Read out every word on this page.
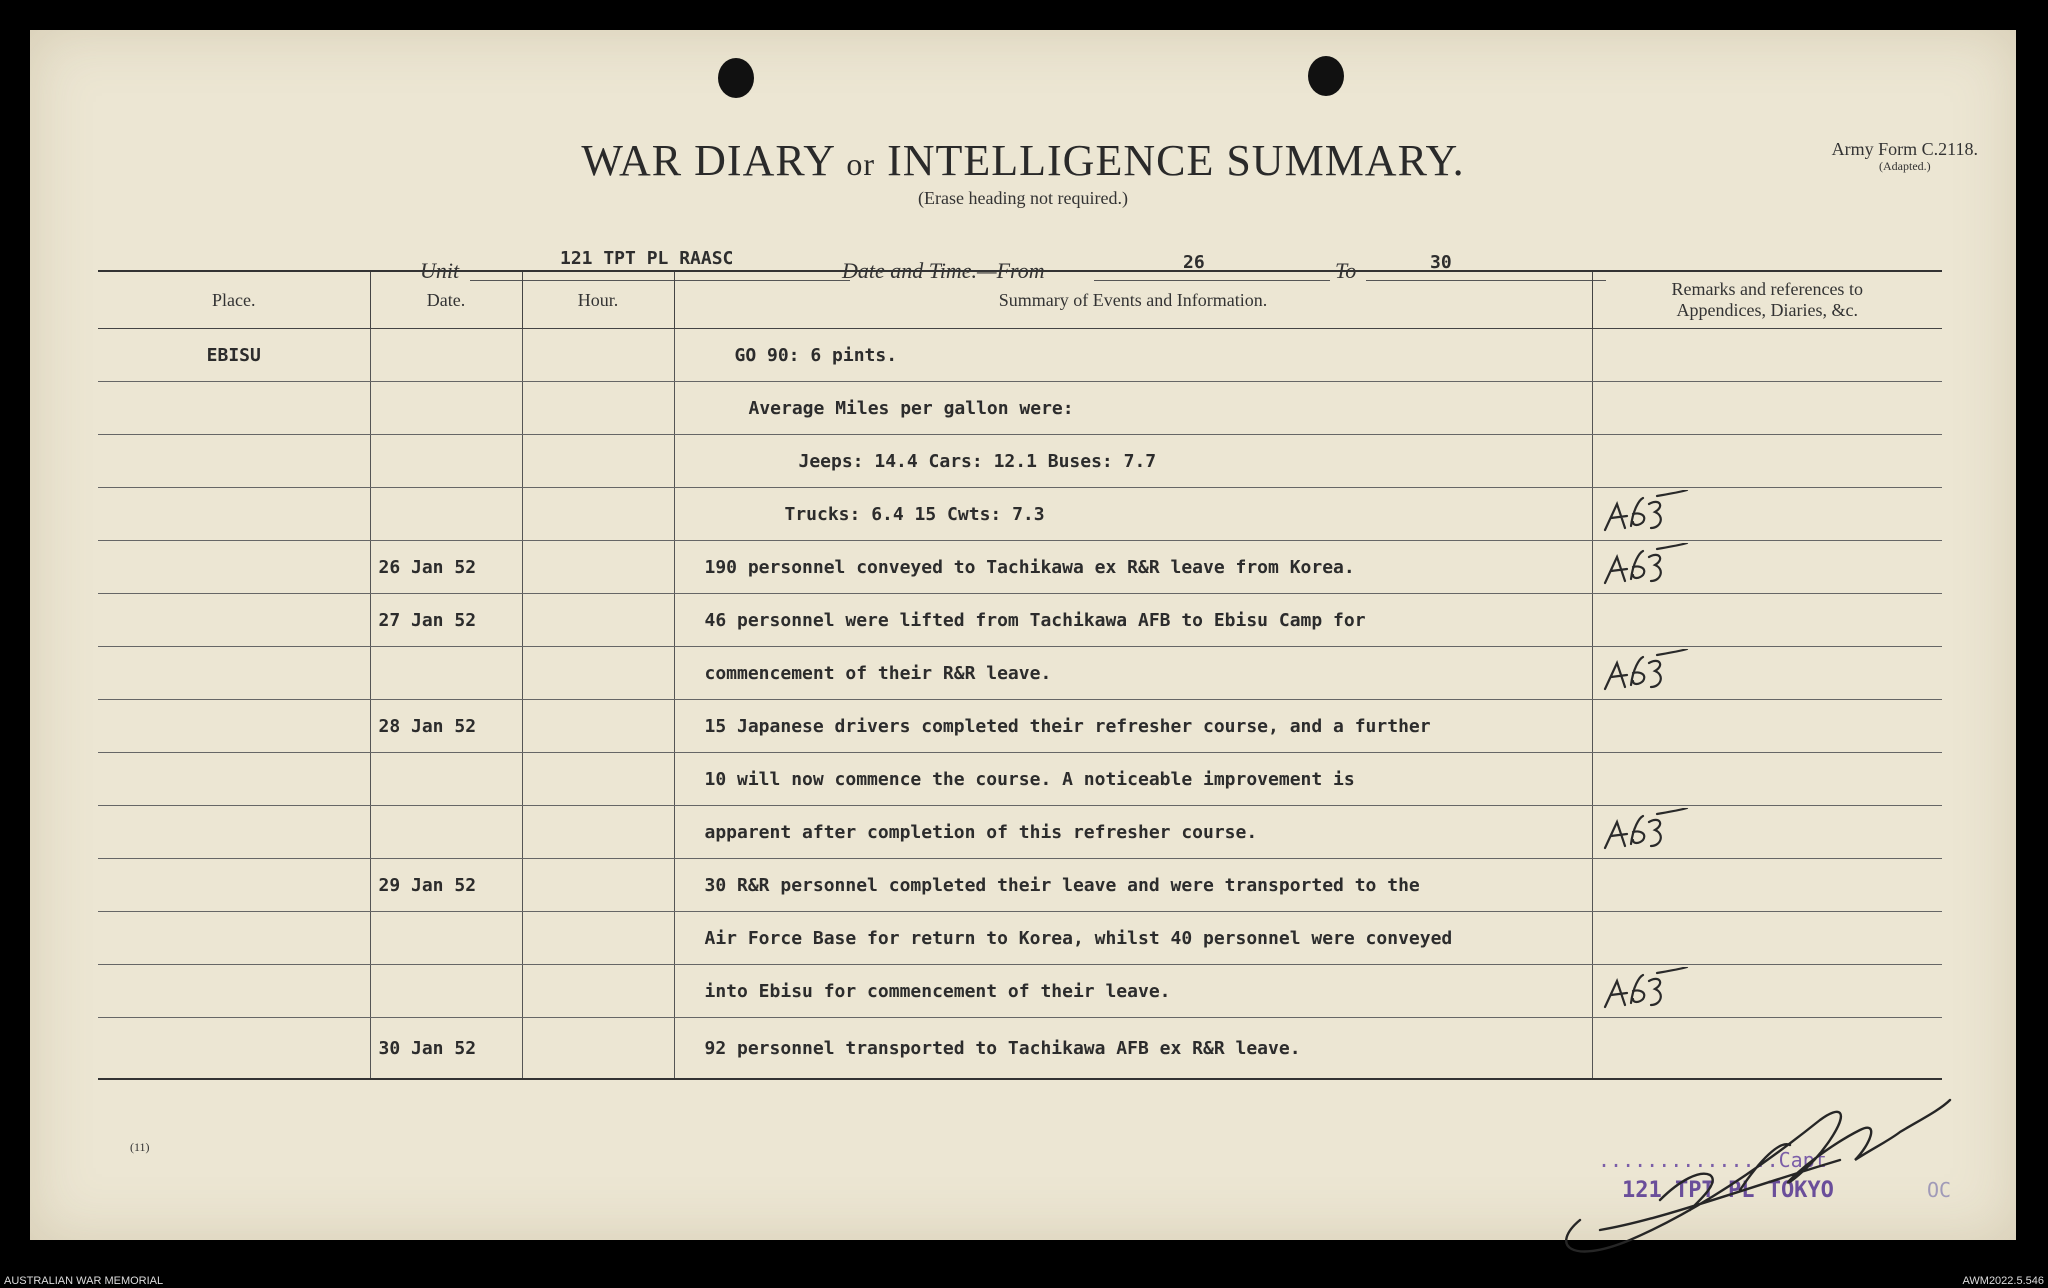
WAR DIARY or INTELLIGENCE SUMMARY.
(Erase heading not required.)
Army Form C.2118.
(Adapted.)
Unit	121 TPT PL RAASC	Date and Time.—From	26	To	30
Place.	Date.	Hour.	Summary of Events and Information.	Remarks and references to
Appendices, Diaries, &c.
EBISU			GO 90: 6 pints.	
			Average Miles per gallon were:	
			Jeeps: 14.4 Cars: 12.1 Buses: 7.7	
			Trucks: 6.4 15 Cwts: 7.3	

	26 Jan 52		190 personnel conveyed to Tachikawa ex R&R leave from Korea.	

	27 Jan 52		46 personnel were lifted from Tachikawa AFB to Ebisu Camp for	
			commencement of their R&R leave.	

	28 Jan 52		15 Japanese drivers completed their refresher course, and a further	
			10 will now commence the course. A noticeable improvement is	
			apparent after completion of this refresher course.	

	29 Jan 52		30 R&R personnel completed their leave and were transported to the	
			Air Force Base for return to Korea, whilst 40 personnel were conveyed	
			into Ebisu for commencement of their leave.	

	30 Jan 52		92 personnel transported to Tachikawa AFB ex R&R leave.	
(11)
...............Capt
121 TPT PL TOKYO	OC
AUSTRALIAN WAR MEMORIAL	AWM2022.5.546
